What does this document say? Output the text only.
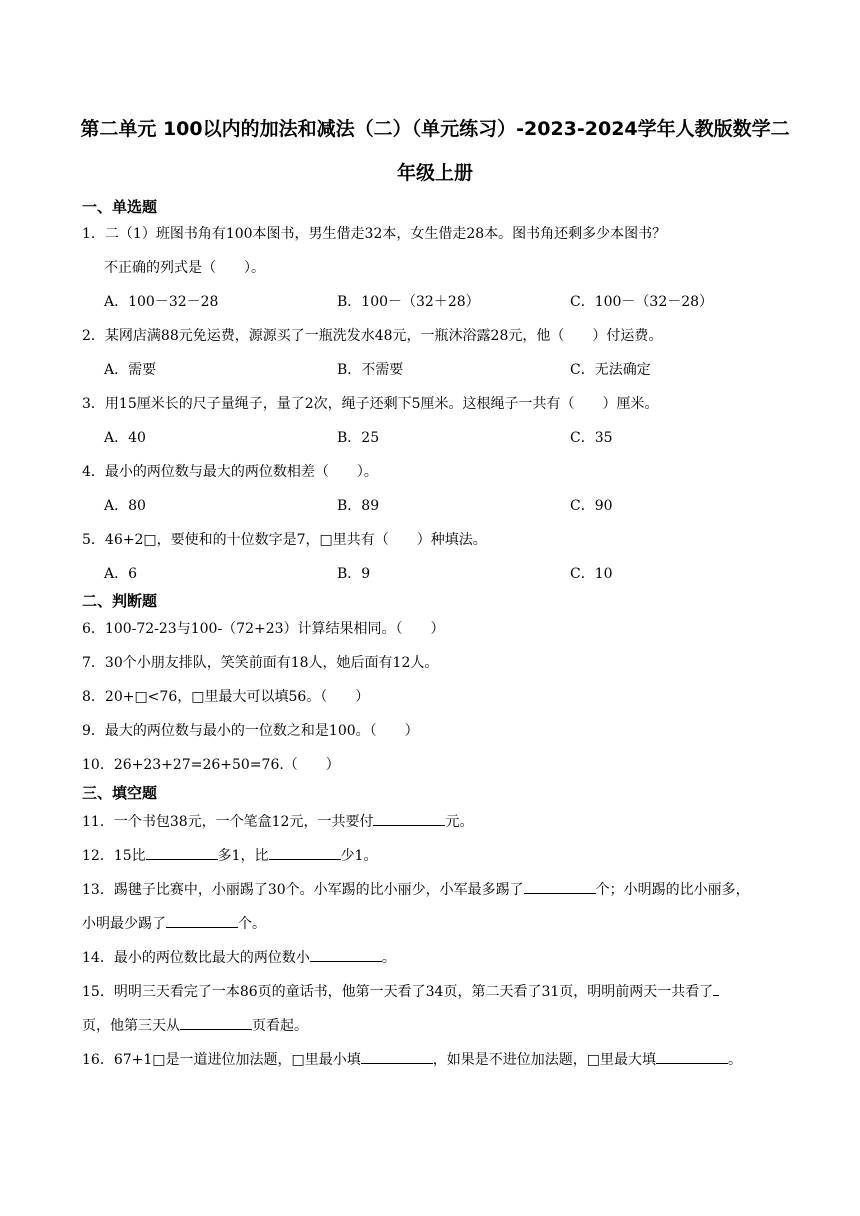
第二单元 100以内的加法和减法（二）（单元练习）-2023-2024学年人教版数学二
年级上册
一、单选题
1．二（1）班图书角有100本图书，男生借走32本，女生借走28本。图书角还剩多少本图书？
不正确的列式是（　　）。
A．100－32－28	B．100－（32＋28）	C．100－（32－28）
2．某网店满88元免运费，源源买了一瓶洗发水48元，一瓶沐浴露28元，他（　　）付运费。
A．需要	B．不需要	C．无法确定
3．用15厘米长的尺子量绳子，量了2次，绳子还剩下5厘米。这根绳子一共有（　　）厘米。
A．40	B．25	C．35
4．最小的两位数与最大的两位数相差（　　）。
A．80	B．89	C．90
5．46+2□，要使和的十位数字是7，□里共有（　　）种填法。
A．6	B．9	C．10
二、判断题
6．100-72-23与100-（72+23）计算结果相同。（　　）
7．30个小朋友排队，笑笑前面有18人，她后面有12人。
8．20+□<76，□里最大可以填56。（　　）
9．最大的两位数与最小的一位数之和是100。（　　）
10．26+23+27=26+50=76.（　　）
三、填空题
11．一个书包38元，一个笔盒12元，一共要付	元。
12．15比	多1，比	少1。
13．踢毽子比赛中，小丽踢了30个。小军踢的比小丽少，小军最多踢了	个；小明踢的比小丽多，
小明最少踢了	个。
14．最小的两位数比最大的两位数小	。
15．明明三天看完了一本86页的童话书，他第一天看了34页，第二天看了31页，明明前两天一共看了
页，他第三天从	页看起。
16．67+1□是一道进位加法题，□里最小填	，如果是不进位加法题，□里最大填	。
